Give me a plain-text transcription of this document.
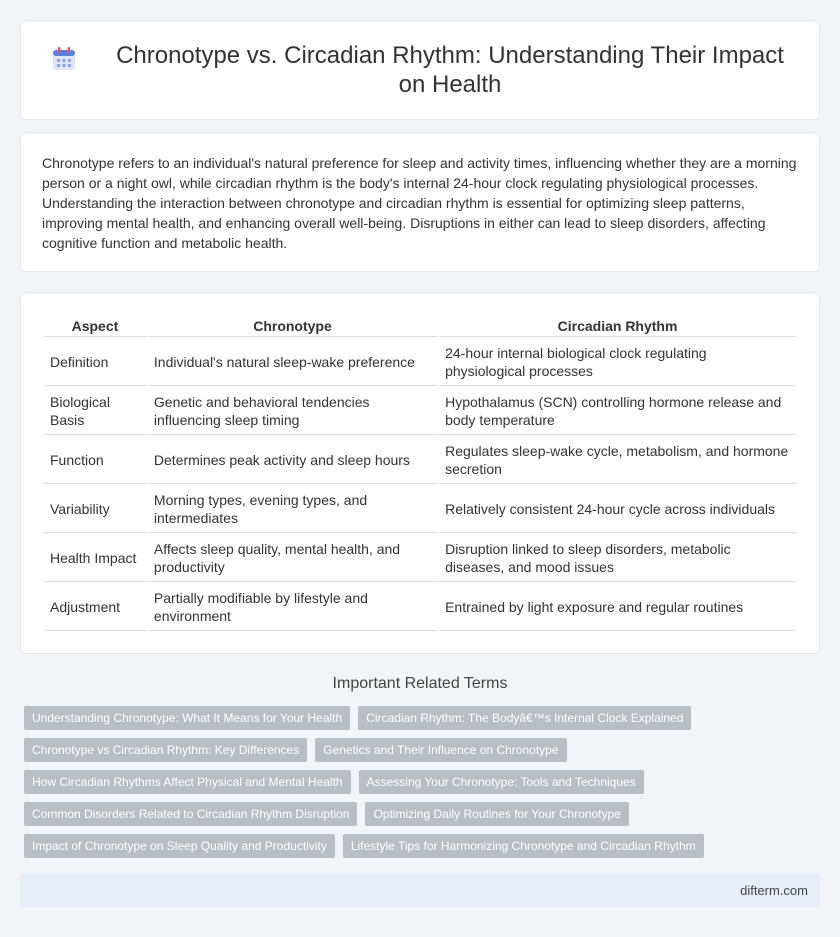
Chronotype vs. Circadian Rhythm: Understanding Their Impact on Health

Chronotype refers to an individual's natural preference for sleep and activity times, influencing whether they are a morning person or a night owl, while circadian rhythm is the body's internal 24-hour clock regulating physiological processes. Understanding the interaction between chronotype and circadian rhythm is essential for optimizing sleep patterns, improving mental health, and enhancing overall well-being. Disruptions in either can lead to sleep disorders, affecting cognitive function and metabolic health.

Aspect	Chronotype	Circadian Rhythm
Definition	Individual's natural sleep-wake preference	24-hour internal biological clock regulating physiological processes
Biological Basis	Genetic and behavioral tendencies influencing sleep timing	Hypothalamus (SCN) controlling hormone release and body temperature
Function	Determines peak activity and sleep hours	Regulates sleep-wake cycle, metabolism, and hormone secretion
Variability	Morning types, evening types, and intermediates	Relatively consistent 24-hour cycle across individuals
Health Impact	Affects sleep quality, mental health, and productivity	Disruption linked to sleep disorders, metabolic diseases, and mood issues
Adjustment	Partially modifiable by lifestyle and environment	Entrained by light exposure and regular routines
Important Related Terms
Understanding Chronotype: What It Means for Your Health	Circadian Rhythm: The Bodyâ€™s Internal Clock Explained
Chronotype vs Circadian Rhythm: Key Differences	Genetics and Their Influence on Chronotype
How Circadian Rhythms Affect Physical and Mental Health	Assessing Your Chronotype: Tools and Techniques
Common Disorders Related to Circadian Rhythm Disruption	Optimizing Daily Routines for Your Chronotype
Impact of Chronotype on Sleep Quality and Productivity	Lifestyle Tips for Harmonizing Chronotype and Circadian Rhythm
difterm.com
